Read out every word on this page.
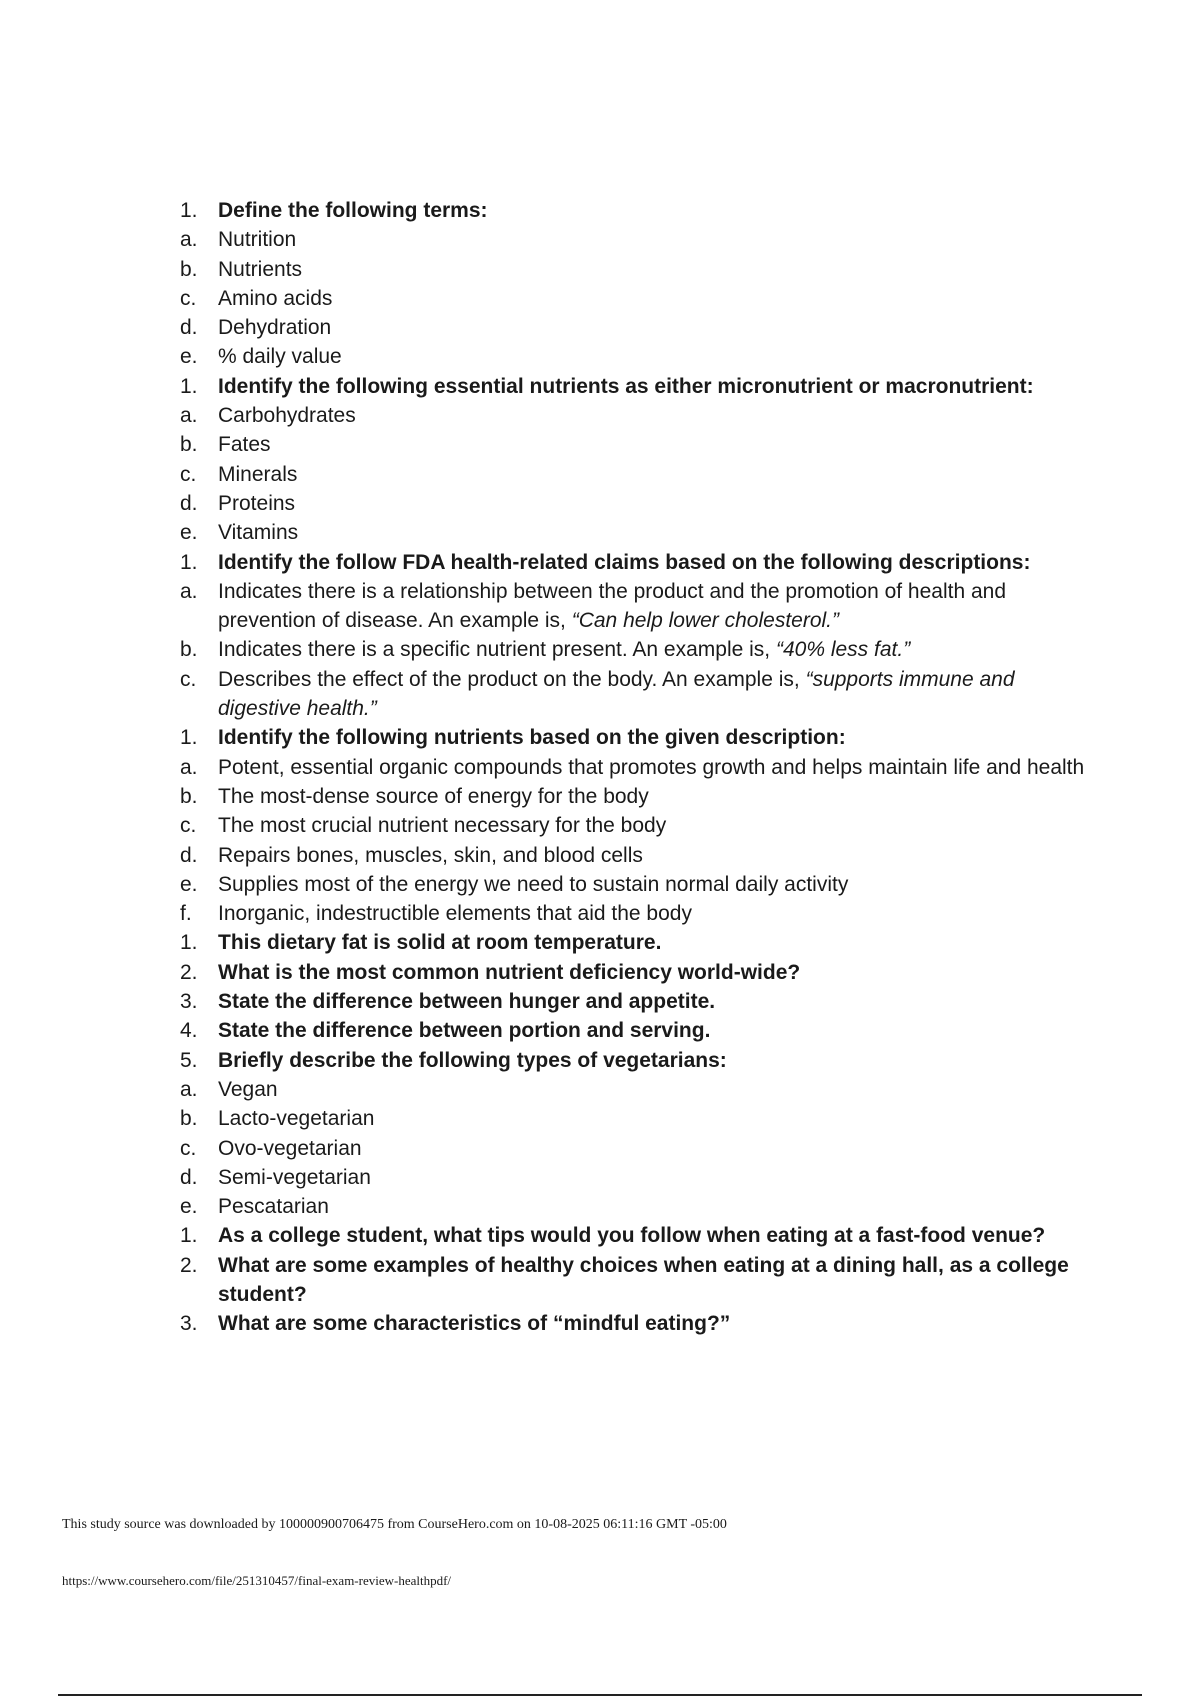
1. Define the following terms:
a. Nutrition
b. Nutrients
c.	Amino acids
d. Dehydration
e. % daily value
1. Identify the following essential nutrients as either micronutrient or macronutrient:
a. Carbohydrates
b. Fates
c.	Minerals
d. Proteins
e. Vitamins
1. Identify the follow FDA health-related claims based on the following descriptions:
a. Indicates there is a relationship between the product and the promotion of health and prevention of disease. An example is, “Can help lower cholesterol.”
b. Indicates there is a specific nutrient present. An example is, “40% less fat.”
c.	Describes the effect of the product on the body. An example is, “supports immune and digestive health.”
1. Identify the following nutrients based on the given description:
a. Potent, essential organic compounds that promotes growth and helps maintain life and health
b. The most-dense source of energy for the body
c.	The most crucial nutrient necessary for the body
d. Repairs bones, muscles, skin, and blood cells
e. Supplies most of the energy we need to sustain normal daily activity
f.	Inorganic, indestructible elements that aid the body
1. This dietary fat is solid at room temperature.
2. What is the most common nutrient deficiency world-wide?
3. State the difference between hunger and appetite.
4. State the difference between portion and serving.
5. Briefly describe the following types of vegetarians:
a. Vegan
b. Lacto-vegetarian
c.	Ovo-vegetarian
d. Semi-vegetarian
e. Pescatarian
1. As a college student, what tips would you follow when eating at a fast-food venue?
2. What are some examples of healthy choices when eating at a dining hall, as a college student?
3. What are some characteristics of “mindful eating?”
This study source was downloaded by 100000900706475 from CourseHero.com on 10-08-2025 06:11:16 GMT -05:00
https://www.coursehero.com/file/251310457/final-exam-review-healthpdf/
